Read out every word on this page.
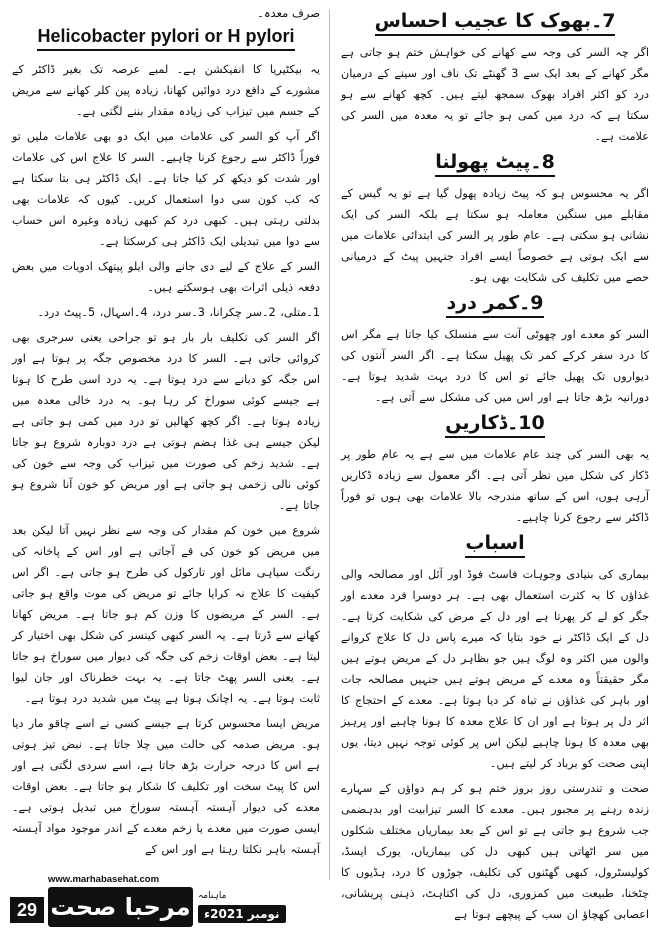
7۔بھوک کا عجیب احساس

اگر چہ السر کی وجہ سے کھانے کی خواہش ختم ہو جاتی ہے مگر کھانے کے بعد ایک سے 3 گھنٹے تک ناف اور سینے کے درمیان درد کو اکثر افراد بھوک سمجھ لیتے ہیں۔ کچھ کھانے سے ہو سکتا ہے کہ درد میں کمی ہو جائے تو یہ معدہ میں السر کی علامت ہے۔

8۔پیٹ پھولنا

اگر یہ محسوس ہو کہ پیٹ زیادہ پھول گیا ہے تو یہ گیس کے مقابلے میں سنگین معاملہ ہو سکتا ہے بلکہ السر کی ایک نشانی ہو سکتی ہے۔ عام طور پر السر کی ابتدائی علامات میں سے ایک ہوتی ہے خصوصاً ایسے افراد جنہیں پیٹ کے درمیانی حصے میں تکلیف کی شکایت بھی ہو۔

9۔کمر درد

السر کو معدے اور چھوٹی آنت سے منسلک کیا جاتا ہے مگر اس کا درد سفر کرکے کمر تک پھیل سکتا ہے۔ اگر السر آنتوں کی دیواروں تک پھیل جائے تو اس کا درد بہت شدید ہوتا ہے۔ دورانیہ بڑھ جاتا ہے اور اس میں کی مشکل سے آتی ہے۔

10۔ڈکاریں

یہ بھی السر کی چند عام علامات میں سے ہے یہ عام طور پر ڈکار کی شکل میں نظر آتی ہے۔ اگر معمول سے زیادہ ڈکاریں آرہی ہوں، اس کے ساتھ مندرجہ بالا علامات بھی ہوں تو فوراً ڈاکٹر سے رجوع کرنا چاہیے۔

اسباب

بیماری کی بنیادی وجوہات فاسٹ فوڈ اور آئل اور مصالحہ والی غذاؤں کا بہ کثرت استعمال بھی ہے۔ ہر دوسرا فرد معدے اور جگر کو لے کر پھرتا ہے اور دل کے مرض کی شکایت کرتا ہے۔ دل کے ایک ڈاکٹر نے خود بتایا کہ میرے پاس دل کا علاج کروانے والوں میں اکثر وہ لوگ ہیں جو بظاہر دل کے مریض ہوتے ہیں مگر حقیقتاً وہ معدے کے مریض ہوتے ہیں جنہیں مصالحہ جات اور باہر کی غذاؤں نے تباہ کر دیا ہوتا ہے۔ معدے کے احتجاج کا اثر دل پر ہوتا ہے اور ان کا علاج معدہ کا ہونا چاہیے اور پرہیز بھی معدہ کا ہونا چاہیے لیکن اس پر کوئی توجہ نہیں دیتا، یوں اپنی صحت کو برباد کر لیتے ہیں۔

صحت و تندرستی روز بروز ختم ہو کر ہم دواؤں کے سہارے زندہ رہنے پر مجبور ہیں۔ معدے کا السر تیزابیت اور بدہضمی جب شروع ہو جاتی ہے تو اس کے بعد بیماریاں مختلف شکلوں میں سر اٹھاتی ہیں کبھی دل کی بیماریاں، یورک ایسڈ، کولیسٹرول، کبھی گھٹنوں کی تکلیف، جوڑوں کا درد، ہڈیوں کا چٹخنا، طبیعت میں کمزوری، دل کی اکتاہٹ، ذہنی پریشانی، اعصابی کھچاؤ ان سب کے پیچھے ہوتا ہے

صرف معدہ۔
Helicobacter pylori or H pylori

یہ بیکٹیریا کا انفیکشن ہے۔ لمبے عرصہ تک بغیر ڈاکٹر کے مشورے کے دافع درد دوائیں کھانا، زیادہ پین کلر کھانے سے مریض کے جسم میں تیزاب کی زیادہ مقدار بننے لگتی ہے۔

اگر آپ کو السر کی علامات میں ایک دو بھی علامات ملیں تو فوراً ڈاکٹر سے رجوع کرنا چاہیے۔ السر کا علاج اس کی علامات اور شدت کو دیکھ کر کیا جاتا ہے۔ ایک ڈاکٹر ہی بتا سکتا ہے کہ کب کون سی دوا استعمال کریں۔ کیوں کہ علامات بھی بدلتی رہتی ہیں۔ کبھی درد کم کبھی زیادہ وغیرہ اس حساب سے دوا میں تبدیلی ایک ڈاکٹر ہی کرسکتا ہے۔

السر کے علاج کے لیے دی جانے والی ایلو پیتھک ادویات میں بعض دفعہ ذیلی اثرات بھی ہوسکتے ہیں۔

1۔متلی، 2۔سر چکرانا، 3۔سر درد، 4۔اسہال، 5۔پیٹ درد۔

اگر السر کی تکلیف بار بار ہو تو جراحی یعنی سرجری بھی کروائی جاتی ہے۔ السر کا درد مخصوص جگہ پر ہوتا ہے اور اس جگہ کو دبانے سے درد ہوتا ہے۔ یہ درد اسی طرح کا ہوتا ہے جیسے کوئی سوراخ کر رہا ہو۔ یہ درد خالی معدہ میں زیادہ ہوتا ہے۔ اگر کچھ کھالیں تو درد میں کمی ہو جاتی ہے لیکن جیسے ہی غذا ہضم ہوتی ہے درد دوبارہ شروع ہو جاتا ہے۔ شدید زخم کی صورت میں تیزاب کی وجہ سے خون کی کوئی نالی زخمی ہو جاتی ہے اور مریض کو خون آنا شروع ہو جاتا ہے۔

شروع میں خون کم مقدار کی وجہ سے نظر نہیں آتا لیکن بعد میں مریض کو خون کی قے آجاتی ہے اور اس کے پاخانہ کی رنگت سیاہی مائل اور تارکول کی طرح ہو جاتی ہے۔ اگر اس کیفیت کا علاج نہ کرایا جائے تو مریض کی موت واقع ہو جاتی ہے۔ السر کے مریضوں کا وزن کم ہو جاتا ہے۔ مریض کھانا کھانے سے ڈرتا ہے۔ یہ السر کبھی کینسر کی شکل بھی اختیار کر لیتا ہے۔ بعض اوقات زخم کی جگہ کی دیوار میں سوراخ ہو جاتا ہے۔ یعنی السر پھٹ جاتا ہے۔ یہ بہت خطرناک اور جان لیوا ثابت ہوتا ہے۔ یہ اچانک ہوتا ہے پیٹ میں شدید درد ہوتا ہے۔

مریض ایسا محسوس کرتا ہے جیسے کسی نے اسے چاقو مار دیا ہو۔ مریض صدمہ کی حالت میں چلا جاتا ہے۔ نبض تیز ہوتی ہے اس کا درجہ حرارت بڑھ جاتا ہے، اسے سردی لگتی ہے اور اس کا پیٹ سخت اور تکلیف کا شکار ہو جاتا ہے۔ بعض اوقات معدے کی دیوار آہستہ آہستہ سوراخ میں تبدیل ہوتی ہے۔ ایسی صورت میں معدے یا زخم معدے کے اندر موجود مواد آہستہ آہستہ باہر نکلتا رہتا ہے اور اس کے

www.marhabasehat.com
29 مرحبا صحت ماہنامہ
نومبر 2021ء
